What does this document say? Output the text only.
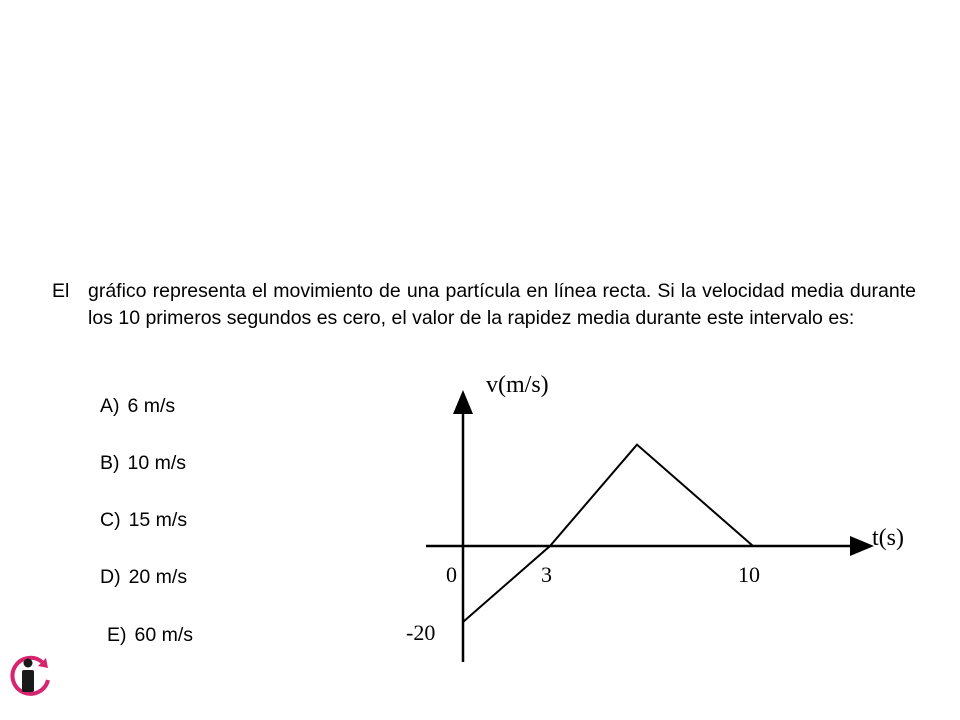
El gráfico representa el movimiento de una partícula en línea recta. Si la velocidad media durante los 10 primeros segundos es cero, el valor de la rapidez media durante este intervalo es:
A) 6 m/s
B) 10 m/s
C) 15 m/s
D) 20 m/s
E) 60 m/s
v(m/s)
t(s)
0	3	10
-20
